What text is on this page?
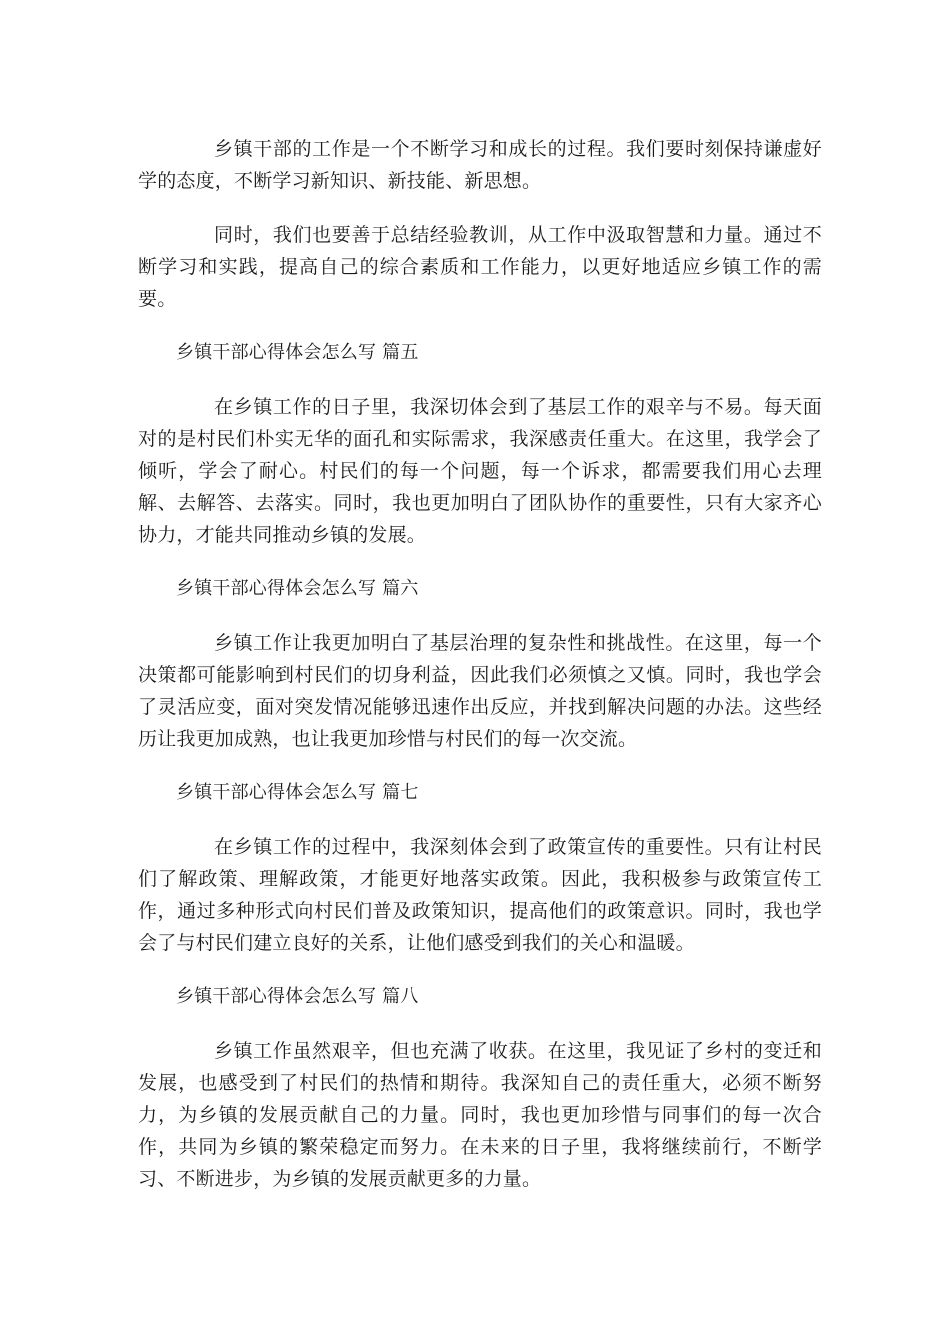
乡镇干部的工作是一个不断学习和成长的过程。我们要时刻保持谦虚好学的态度，不断学习新知识、新技能、新思想。

同时，我们也要善于总结经验教训，从工作中汲取智慧和力量。通过不断学习和实践，提高自己的综合素质和工作能力，以更好地适应乡镇工作的需要。

乡镇干部心得体会怎么写 篇五

在乡镇工作的日子里，我深切体会到了基层工作的艰辛与不易。每天面对的是村民们朴实无华的面孔和实际需求，我深感责任重大。在这里，我学会了倾听，学会了耐心。村民们的每一个问题，每一个诉求，都需要我们用心去理解、去解答、去落实。同时，我也更加明白了团队协作的重要性，只有大家齐心协力，才能共同推动乡镇的发展。

乡镇干部心得体会怎么写 篇六

乡镇工作让我更加明白了基层治理的复杂性和挑战性。在这里，每一个决策都可能影响到村民们的切身利益，因此我们必须慎之又慎。同时，我也学会了灵活应变，面对突发情况能够迅速作出反应，并找到解决问题的办法。这些经历让我更加成熟，也让我更加珍惜与村民们的每一次交流。

乡镇干部心得体会怎么写 篇七

在乡镇工作的过程中，我深刻体会到了政策宣传的重要性。只有让村民们了解政策、理解政策，才能更好地落实政策。因此，我积极参与政策宣传工作，通过多种形式向村民们普及政策知识，提高他们的政策意识。同时，我也学会了与村民们建立良好的关系，让他们感受到我们的关心和温暖。

乡镇干部心得体会怎么写 篇八

乡镇工作虽然艰辛，但也充满了收获。在这里，我见证了乡村的变迁和发展，也感受到了村民们的热情和期待。我深知自己的责任重大，必须不断努力，为乡镇的发展贡献自己的力量。同时，我也更加珍惜与同事们的每一次合作，共同为乡镇的繁荣稳定而努力。在未来的日子里，我将继续前行，不断学习、不断进步，为乡镇的发展贡献更多的力量。
